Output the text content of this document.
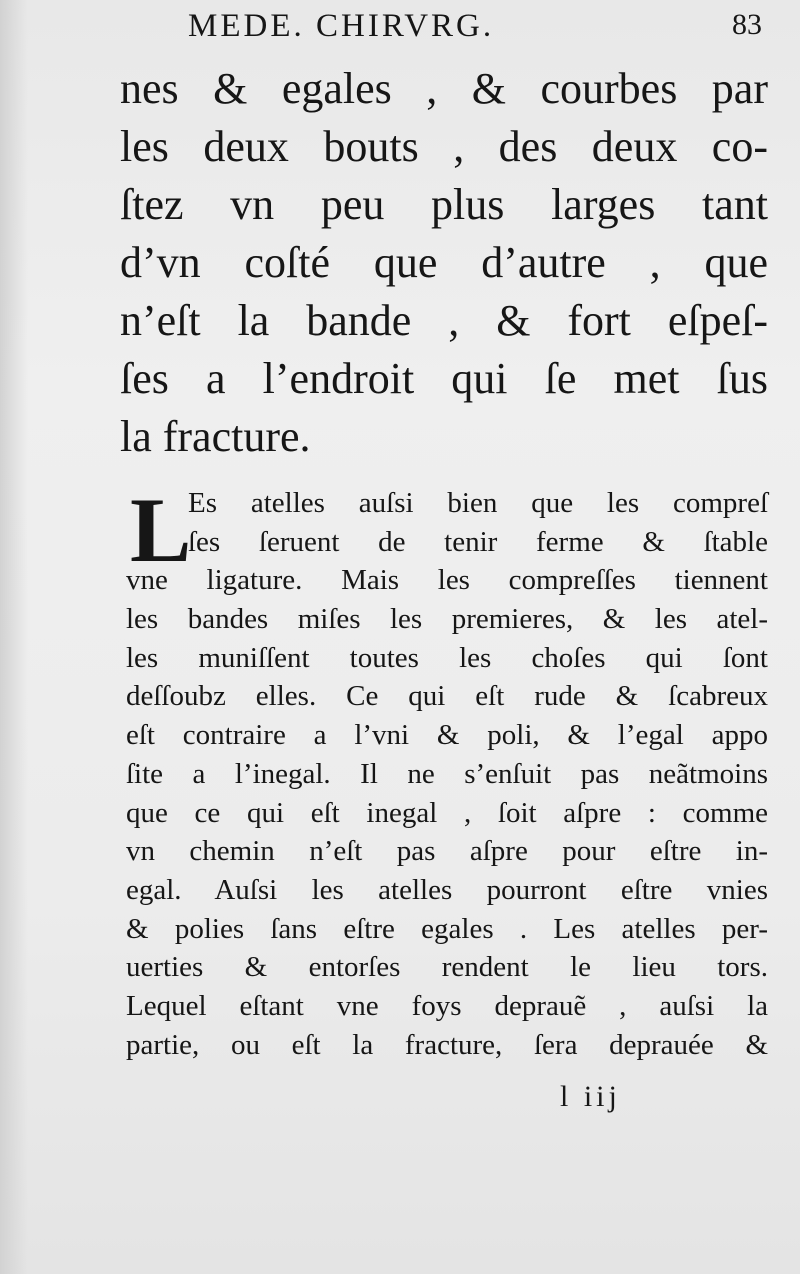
MEDE. CHIRVRG.	83
nes & egales , & courbes par
les deux bouts , des deux co-
ſtez vn peu plus larges tant
d’vn coſté que d’autre , que
n’eſt la bande , & fort eſpeſ-
ſes a l’endroit qui ſe met ſus
la fracture.
L
Es atelles auſsi bien que les compreſ
ſes ſeruent de tenir ferme & ſtable
vne ligature. Mais les compreſſes tiennent
les bandes miſes les premieres, & les atel-
les muniſſent toutes les choſes qui ſont
deſſoubz elles. Ce qui eſt rude & ſcabreux
eſt contraire a l’vni & poli, & l’egal appo
ſite a l’inegal. Il ne s’enſuit pas neãtmoins
que ce qui eſt inegal , ſoit aſpre : comme
vn chemin n’eſt pas aſpre pour eſtre in-
egal. Auſsi les atelles pourront eſtre vnies
& polies ſans eſtre egales . Les atelles per-
uerties & entorſes rendent le lieu tors.
Lequel eſtant vne foys deprauẽ , auſsi la
partie, ou eſt la fracture, ſera deprauée &
l iij
